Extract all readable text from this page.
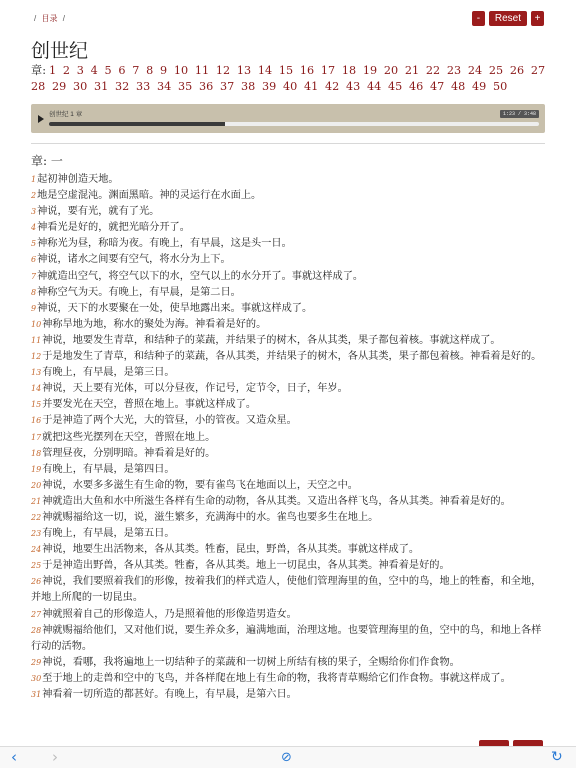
/ 目录 /	-	Reset	+
创世纪
章: 1 2 3 4 5 6 7 8 9 10 11 12 13 14 15 16 17 18 19 20 21 22 23 24 25 26 27 28 29 30 31 32 33 34 35 36 37 38 39 40 41 42 43 44 45 46 47 48 49 50
创世纪 1 章	1:23 / 3:48
章: 一
1起初神创造天地。
2地是空虚混沌。渊面黑暗。神的灵运行在水面上。
3神说，要有光，就有了光。
4神看光是好的，就把光暗分开了。
5神称光为昼，称暗为夜。有晚上，有早晨，这是头一日。
6神说，诸水之间要有空气，将水分为上下。
7神就造出空气，将空气以下的水，空气以上的水分开了。事就这样成了。
8神称空气为天。有晚上，有早晨，是第二日。
9神说，天下的水要聚在一处，使旱地露出来。事就这样成了。
10神称旱地为地，称水的聚处为海。神看着是好的。
11神说，地要发生青草，和结种子的菜蔬，并结果子的树木，各从其类，果子都包着核。事就这样成了。
12于是地发生了青草，和结种子的菜蔬，各从其类，并结果子的树木，各从其类，果子都包着核。神看着是好的。
13有晚上，有早晨，是第三日。
14神说，天上要有光体，可以分昼夜，作记号，定节令，日子，年岁。
15并要发光在天空，普照在地上。事就这样成了。
16于是神造了两个大光，大的管昼，小的管夜。又造众星。
17就把这些光摆列在天空，普照在地上。
18管理昼夜，分别明暗。神看着是好的。
19有晚上，有早晨，是第四日。
20神说，水要多多滋生有生命的物，要有雀鸟飞在地面以上，天空之中。
21神就造出大鱼和水中所滋生各样有生命的动物，各从其类。又造出各样飞鸟，各从其类。神看着是好的。
22神就赐福给这一切，说，滋生繁多，充满海中的水。雀鸟也要多生在地上。
23有晚上，有早晨，是第五日。
24神说，地要生出活物来，各从其类。牲畜，昆虫，野兽，各从其类。事就这样成了。
25于是神造出野兽，各从其类。牲畜，各从其类。地上一切昆虫，各从其类。神看着是好的。
26神说，我们要照着我们的形像，按着我们的样式造人，使他们管理海里的鱼，空中的鸟，地上的牲畜，和全地，并地上所爬的一切昆虫。
27神就照着自己的形像造人，乃是照着他的形像造男造女。
28神就赐福给他们，又对他们说，要生养众多，遍满地面，治理这地。也要管理海里的鱼，空中的鸟，和地上各样行动的活物。
29神说，看哪，我将遍地上一切结种子的菜蔬和一切树上所结有核的果子，全赐给你们作食物。
30至于地上的走兽和空中的飞鸟，并各样爬在地上有生命的物，我将青草赐给它们作食物。事就这样成了。
31神看着一切所造的都甚好。有晚上，有早晨，是第六日。
‹ ›	⊘	↻
